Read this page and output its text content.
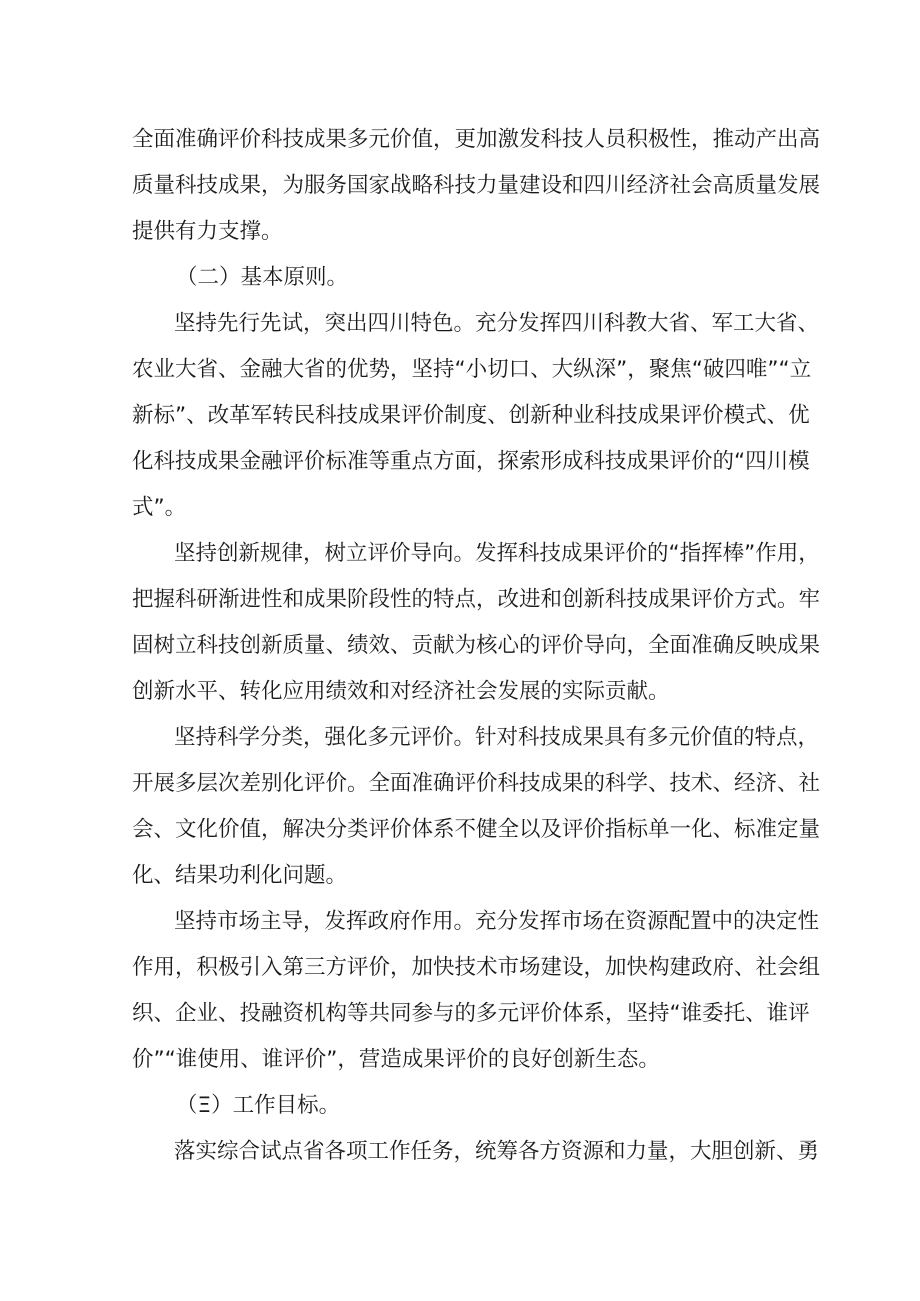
全面准确评价科技成果多元价值，更加激发科技人员积极性，推动产出高
质量科技成果，为服务国家战略科技力量建设和四川经济社会高质量发展
提供有力支撑。
（二）基本原则。
坚持先行先试，突出四川特色。充分发挥四川科教大省、军工大省、
农业大省、金融大省的优势，坚持“小切口、大纵深”，聚焦“破四唯”“立
新标”、改革军转民科技成果评价制度、创新种业科技成果评价模式、优
化科技成果金融评价标准等重点方面，探索形成科技成果评价的“四川模
式”。
坚持创新规律，树立评价导向。发挥科技成果评价的“指挥棒”作用，
把握科研渐进性和成果阶段性的特点，改进和创新科技成果评价方式。牢
固树立科技创新质量、绩效、贡献为核心的评价导向，全面准确反映成果
创新水平、转化应用绩效和对经济社会发展的实际贡献。
坚持科学分类，强化多元评价。针对科技成果具有多元价值的特点，
开展多层次差别化评价。全面准确评价科技成果的科学、技术、经济、社
会、文化价值，解决分类评价体系不健全以及评价指标单一化、标准定量
化、结果功利化问题。
坚持市场主导，发挥政府作用。充分发挥市场在资源配置中的决定性
作用，积极引入第三方评价，加快技术市场建设，加快构建政府、社会组
织、企业、投融资机构等共同参与的多元评价体系，坚持“谁委托、谁评
价”“谁使用、谁评价”，营造成果评价的良好创新生态。
（Ξ）工作目标。
落实综合试点省各项工作任务，统筹各方资源和力量，大胆创新、勇
